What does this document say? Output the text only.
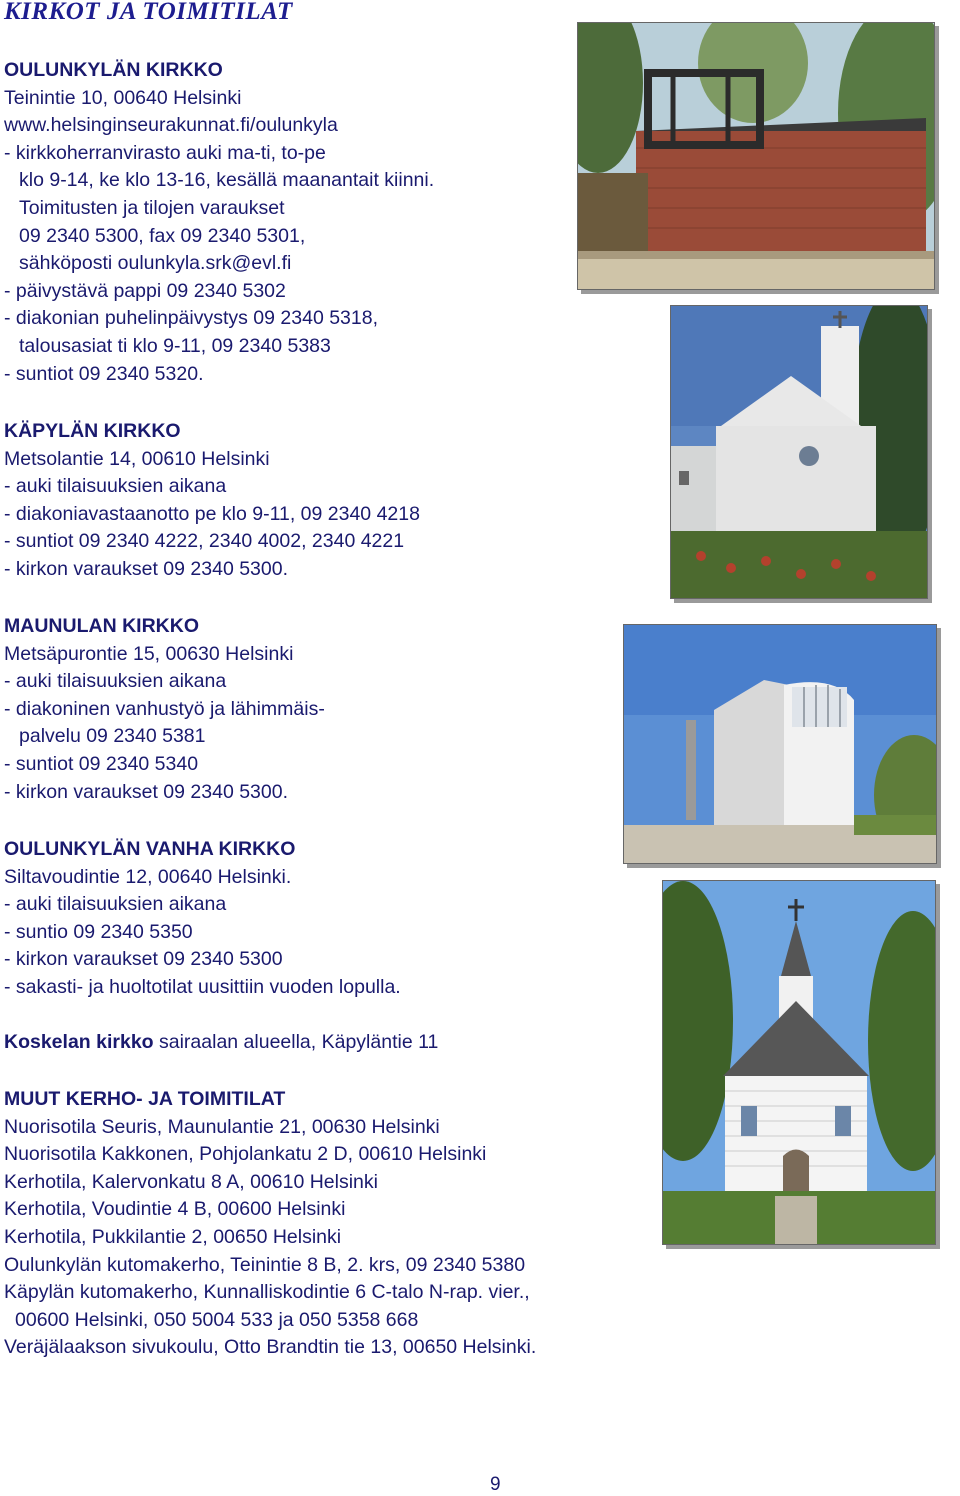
KIRKOT JA TOIMITILAT
OULUNKYLÄN KIRKKO
Teinintie 10, 00640 Helsinki
www.helsinginseurakunnat.fi/oulunkyla
- kirkkoherranvirasto auki ma-ti, to-pe
klo 9-14, ke klo 13-16, kesällä maanantait kiinni.
Toimitusten ja tilojen varaukset
09 2340 5300, fax 09 2340 5301,
sähköposti oulunkyla.srk@evl.fi
- päivystävä pappi 09 2340 5302
- diakonian puhelinpäivystys 09 2340 5318,
talousasiat ti klo 9-11, 09 2340 5383
- suntiot 09 2340 5320.
KÄPYLÄN KIRKKO
Metsolantie 14, 00610 Helsinki
- auki tilaisuuksien aikana
- diakoniavastaanotto pe klo 9-11, 09 2340 4218
- suntiot 09 2340 4222, 2340 4002, 2340 4221
- kirkon varaukset 09 2340 5300.
MAUNULAN KIRKKO
Metsäpurontie 15, 00630 Helsinki
- auki tilaisuuksien aikana
- diakoninen vanhustyö ja lähimmäis-
palvelu 09 2340 5381
- suntiot 09 2340 5340
- kirkon varaukset 09 2340 5300.
OULUNKYLÄN VANHA KIRKKO
Siltavoudintie 12, 00640 Helsinki.
- auki tilaisuuksien aikana
- suntio 09 2340 5350
- kirkon varaukset 09 2340 5300
- sakasti- ja huoltotilat uusittiin vuoden lopulla.
Koskelan kirkko sairaalan alueella, Käpyläntie 11
MUUT KERHO- JA TOIMITILAT
Nuorisotila Seuris, Maunulantie 21, 00630 Helsinki
Nuorisotila Kakkonen, Pohjolankatu 2 D, 00610 Helsinki
Kerhotila, Kalervonkatu 8 A, 00610 Helsinki
Kerhotila, Voudintie 4 B, 00600 Helsinki
Kerhotila, Pukkilantie 2, 00650 Helsinki
Oulunkylän kutomakerho, Teinintie 8 B, 2. krs, 09 2340 5380
Käpylän kutomakerho, Kunnalliskodintie 6 C-talo N-rap. vier.,
00600 Helsinki, 050 5004 533 ja 050 5358 668
Veräjälaakson sivukoulu, Otto Brandtin tie 13, 00650 Helsinki.
9
